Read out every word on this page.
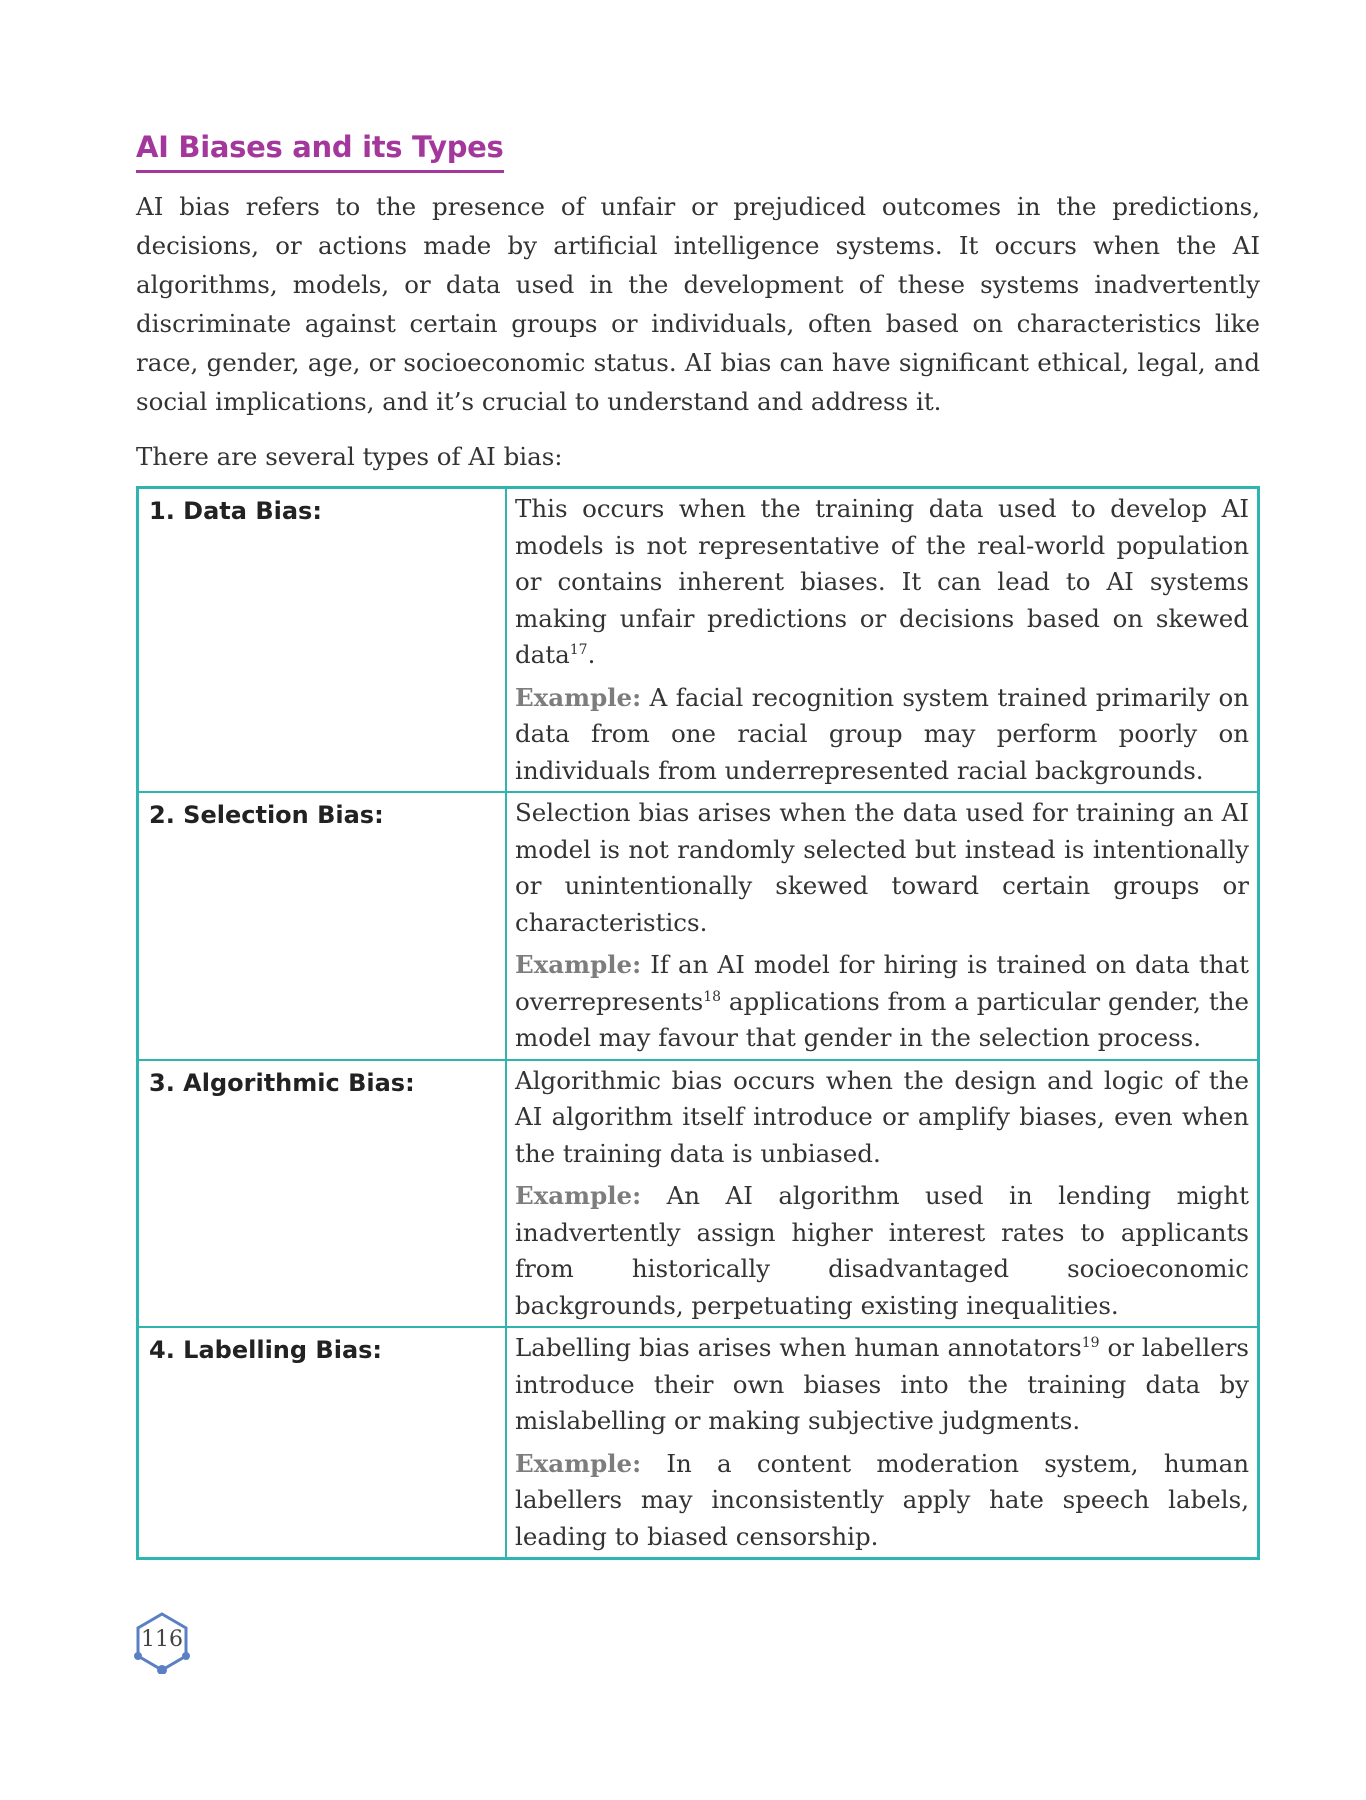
AI Biases and its Types

AI bias refers to the presence of unfair or prejudiced outcomes in the predictions, decisions, or actions made by artificial intelligence systems. It occurs when the AI algorithms, models, or data used in the development of these systems inadvertently discriminate against certain groups or individuals, often based on characteristics like race, gender, age, or socioeconomic status. AI bias can have significant ethical, legal, and social implications, and it’s crucial to understand and address it.

There are several types of AI bias:

1. Data Bias:	This occurs when the training data used to develop AI models is not representative of the real-world population or contains inherent biases. It can lead to AI systems making unfair predictions or decisions based on skewed data$^{17}$.

Example: A facial recognition system trained primarily on data from one racial group may perform poorly on individuals from underrepresented racial backgrounds.

2. Selection Bias:	Selection bias arises when the data used for training an AI model is not randomly selected but instead is intentionally or unintentionally skewed toward certain groups or characteristics.

Example: If an AI model for hiring is trained on data that overrepresents$^{18}$ applications from a particular gender, the model may favour that gender in the selection process.

3. Algorithmic Bias:	Algorithmic bias occurs when the design and logic of the AI algorithm itself introduce or amplify biases, even when the training data is unbiased.

Example: An AI algorithm used in lending might inadvertently assign higher interest rates to applicants from historically disadvantaged socioeconomic backgrounds, perpetuating existing inequalities.

4. Labelling Bias:	Labelling bias arises when human annotators$^{19}$ or labellers introduce their own biases into the training data by mislabelling or making subjective judgments.

Example: In a content moderation system, human labellers may inconsistently apply hate speech labels, leading to biased censorship.

116
